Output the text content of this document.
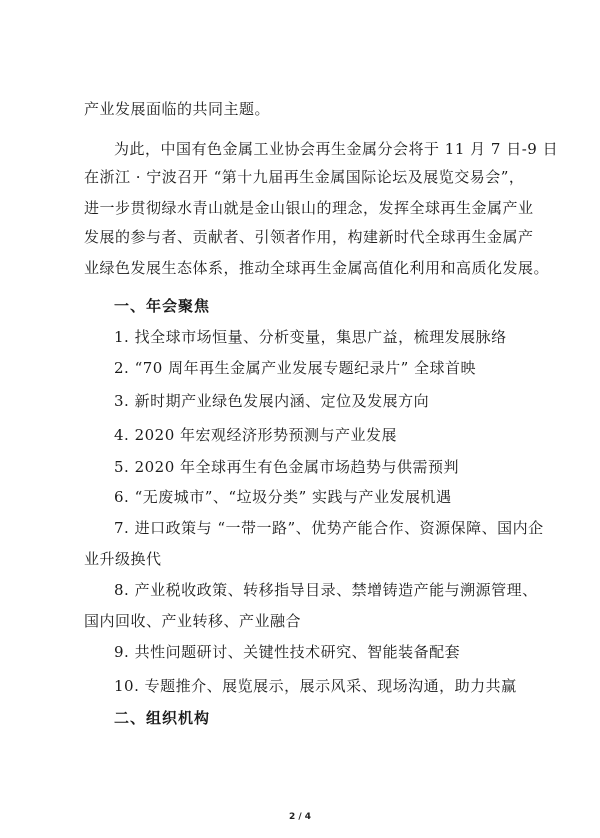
产业发展面临的共同主题。
为此，中国有色金属工业协会再生金属分会将于 11 月 7 日-9 日
在浙江 · 宁波召开 “第十九届再生金属国际论坛及展览交易会”，
进一步贯彻绿水青山就是金山银山的理念，发挥全球再生金属产业
发展的参与者、贡献者、引领者作用，构建新时代全球再生金属产
业绿色发展生态体系，推动全球再生金属高值化利用和高质化发展。
一、年会聚焦
1. 找全球市场恒量、分析变量，集思广益，梳理发展脉络
2. “70 周年再生金属产业发展专题纪录片” 全球首映
3. 新时期产业绿色发展内涵、定位及发展方向
4. 2020 年宏观经济形势预测与产业发展
5. 2020 年全球再生有色金属市场趋势与供需预判
6. “无废城市”、“垃圾分类” 实践与产业发展机遇
7. 进口政策与 “一带一路”、优势产能合作、资源保障、国内企
业升级换代
8. 产业税收政策、转移指导目录、禁增铸造产能与溯源管理、
国内回收、产业转移、产业融合
9. 共性问题研讨、关键性技术研究、智能装备配套
10. 专题推介、展览展示，展示风采、现场沟通，助力共赢
二、组织机构
2 / 4
